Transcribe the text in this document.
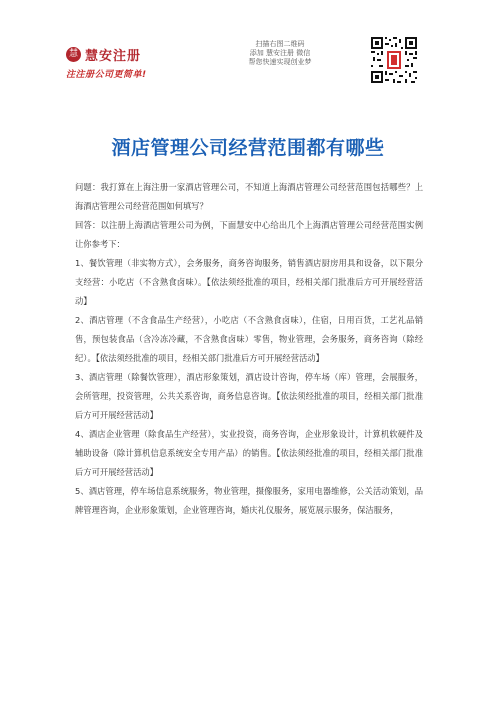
慧 慧安注册
注注册公司更简单!
扫描右图二维码
添加 慧安注册 微信
帮您快速实现创业梦
酒店管理公司经营范围都有哪些

问题：我打算在上海注册一家酒店管理公司，不知道上海酒店管理公司经营范围包括哪些？上海酒店管理公司经营范围如何填写？

回答：以注册上海酒店管理公司为例，下面慧安中心给出几个上海酒店管理公司经营范围实例让你参考下：

1、餐饮管理（非实物方式），会务服务，商务咨询服务，销售酒店厨房用具和设备，以下限分支经营：小吃店（不含熟食卤味）。【依法须经批准的项目，经相关部门批准后方可开展经营活动】

2、酒店管理（不含食品生产经营），小吃店（不含熟食卤味），住宿，日用百货，工艺礼品销售，预包装食品（含冷冻冷藏，不含熟食卤味）零售，物业管理，会务服务，商务咨询（除经纪）。【依法须经批准的项目，经相关部门批准后方可开展经营活动】

3、酒店管理（除餐饮管理），酒店形象策划，酒店设计咨询，停车场（库）管理，会展服务，会所管理，投资管理，公共关系咨询，商务信息咨询。【依法须经批准的项目，经相关部门批准后方可开展经营活动】

4、酒店企业管理（除食品生产经营），实业投资，商务咨询，企业形象设计，计算机软硬件及辅助设备（除计算机信息系统安全专用产品）的销售。【依法须经批准的项目，经相关部门批准后方可开展经营活动】

5、酒店管理，停车场信息系统服务，物业管理，摄像服务，家用电器维修，公关活动策划，品牌管理咨询，企业形象策划，企业管理咨询，婚庆礼仪服务，展览展示服务，保洁服务，
